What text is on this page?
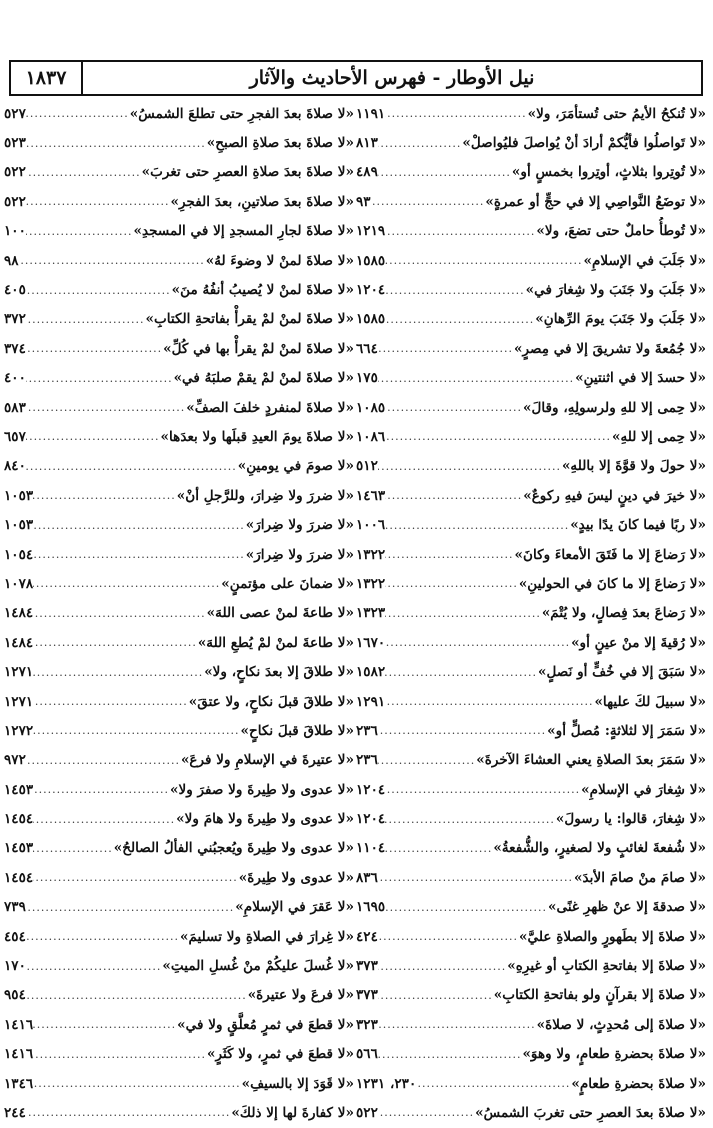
نيل الأوطار - فهرس الأحاديث والآثار
١٨٣٧
«لا تُنكحُ الأيمُ حتى تُستأمَرَ، ولا»
.....
١١٩١
«لا تَواصلُوا فأيُّكمْ أرادَ أنْ يُواصلَ فليُواصلْ»
.....
٨١٣
«لا تُوتِروا بثلاثٍ، أوتِروا بخمسٍ أو»
.....
٤٨٩
«لا توضَعُ النَّواصِي إلا في حجٍّ أو عمرةٍ»
.....
٩٣
«لا تُوطأُ حاملٌ حتى تضعَ، ولا»
.....
١٢١٩
«لا جَلَبَ في الإسلامِ»
.....
١٥٨٥
«لا جَلَبَ ولا جَنَبَ ولا شِغارَ في»
.....
١٢٠٤
«لا جَلَبَ ولا جَنَبَ يومَ الرِّهانِ»
.....
١٥٨٥
«لا جُمُعةَ ولا تشريقَ إلا في مِصرٍ»
.....
٦٦٤
«لا حسدَ إلا في اثنتينِ»
.....
١٧٥
«لا حِمى إلا للهِ ولرسولِهِ، وقالَ»
.....
١٠٨٥
«لا حِمى إلا للهِ»
.....
١٠٨٦
«لا حولَ ولا قوَّةَ إلا باللهِ»
.....
٥١٢
«لا خيرَ في دينٍ ليسَ فيهِ ركوعٌ»
.....
١٤٦٣
«لا ربًا فيما كانَ يدًا بيدٍ»
.....
١٠٠٦
«لا رَضاعَ إلا ما فَتَقَ الأمعاءَ وكانَ»
.....
١٣٢٢
«لا رَضاعَ إلا ما كانَ في الحولينِ»
.....
١٣٢٢
«لا رَضاعَ بعدَ فِصالٍ، ولا يُتْمَ»
.....
١٣٢٣
«لا رُقيةَ إلا منْ عينٍ أو»
.....
١٦٧٠
«لا سَبَقَ إلا في خُفٍّ أو نَصلٍ»
.....
١٥٨٢
«لا سبيلَ لكَ عليها»
.....
١٢٩١
«لا سَمَرَ إلا لثلاثةٍ: مُصلٍّ أو»
.....
٢٣٦
«لا سَمَرَ بعدَ الصلاةِ يعني العشاءَ الآخرةَ»
.....
٢٣٦
«لا شِغارَ في الإسلامِ»
.....
١٢٠٤
«لا شِغارَ، قالوا: يا رسولَ»
.....
١٢٠٤
«لا شُفعةَ لغائبٍ ولا لصغيرٍ، والشُّفعةُ»
.....
١١٠٤
«لا صامَ منْ صامَ الأبدَ»
.....
٨٣٦
«لا صدقةَ إلا عنْ ظهرِ غنًى»
.....
١٦٩٥
«لا صلاةَ إلا بطَهورٍ والصلاةِ عليَّ»
.....
٤٢٤
«لا صلاةَ إلا بفاتحةِ الكتابِ أو غيرِهِ»
.....
٣٧٣
«لا صلاةَ إلا بقرآنٍ ولو بفاتحةِ الكتابِ»
.....
٣٧٣
«لا صلاةَ إلى مُحدِثٍ، لا صلاةَ»
.....
٣٢٣
«لا صلاةَ بحضرةِ طعامٍ، ولا وهوَ»
.....
٥٦٦
«لا صلاةَ بحضرةِ طعامٍ»
.....
٢٣٠، ١٢٣١
«لا صلاةَ بعدَ العصرِ حتى تغربَ الشمسُ»
.....
٥٢٢
«لا صلاةَ بعدَ الفجرِ حتى تطلعَ الشمسُ»
.....
٥٢٧
«لا صلاةَ بعدَ صلاةِ الصبحِ»
.....
٥٢٣
«لا صلاةَ بعدَ صلاةِ العصرِ حتى تغربَ»
.....
٥٢٢
«لا صلاةَ بعدَ صلاتينِ، بعدَ الفجرِ»
.....
٥٢٢
«لا صلاةَ لجارِ المسجدِ إلا في المسجدِ»
.....
١٠٠
«لا صلاةَ لمنْ لا وضوءَ لهُ»
.....
٩٨
«لا صلاةَ لمنْ لا يُصيبُ أنفُهُ منَ»
.....
٤٠٥
«لا صلاةَ لمنْ لمْ يقرأْ بفاتحةِ الكتابِ»
.....
٣٧٢
«لا صلاةَ لمنْ لمْ يقرأْ بها في كُلِّ»
.....
٣٧٤
«لا صلاةَ لمنْ لمْ يقمْ صلبَهُ في»
.....
٤٠٠
«لا صلاةَ لمنفردٍ خلفَ الصفِّ»
.....
٥٨٣
«لا صلاةَ يومَ العيدِ قبلَها ولا بعدَها»
.....
٦٥٧
«لا صومَ في يومينِ»
.....
٨٤٠
«لا ضررَ ولا ضِرارَ، وللرَّجلِ أنْ»
.....
١٠٥٣
«لا ضررَ ولا ضِرارَ»
.....
١٠٥٣
«لا ضررَ ولا ضِرارَ»
.....
١٠٥٤
«لا ضمانَ على مؤتمنٍ»
.....
١٠٧٨
«لا طاعةَ لمنْ عصى اللهَ»
.....
١٤٨٤
«لا طاعةَ لمنْ لمْ يُطعِ اللهَ»
.....
١٤٨٤
«لا طلاقَ إلا بعدَ نكاحٍ، ولا»
.....
١٢٧١
«لا طلاقَ قبلَ نكاحٍ، ولا عتقَ»
.....
١٢٧١
«لا طلاقَ قبلَ نكاحٍ»
.....
١٢٧٢
«لا عتيرةَ في الإسلامِ ولا فرعَ»
.....
٩٧٢
«لا عدوى ولا طِيرةَ ولا صفرَ ولا»
.....
١٤٥٣
«لا عدوى ولا طِيرةَ ولا هامَ ولا»
.....
١٤٥٤
«لا عدوى ولا طِيرةَ ويُعجبُني الفألُ الصالحُ»
.....
١٤٥٣
«لا عدوى ولا طِيرةَ»
.....
١٤٥٤
«لا عَقرَ في الإسلامِ»
.....
٧٣٩
«لا غِرارَ في الصلاةِ ولا تسليمَ»
.....
٤٥٤
«لا غُسلَ عليكُمْ منْ غُسلِ الميتِ»
.....
١٧٠
«لا فرعَ ولا عتيرةَ»
.....
٩٥٤
«لا قطعَ في ثمرٍ مُعلَّقٍ ولا في»
.....
١٤١٦
«لا قطعَ في ثمرٍ، ولا كَثَرٍ»
.....
١٤١٦
«لا قَوَدَ إلا بالسيفِ»
.....
١٣٤٦
«لا كفارةَ لها إلا ذلكَ»
.....
٢٤٤
